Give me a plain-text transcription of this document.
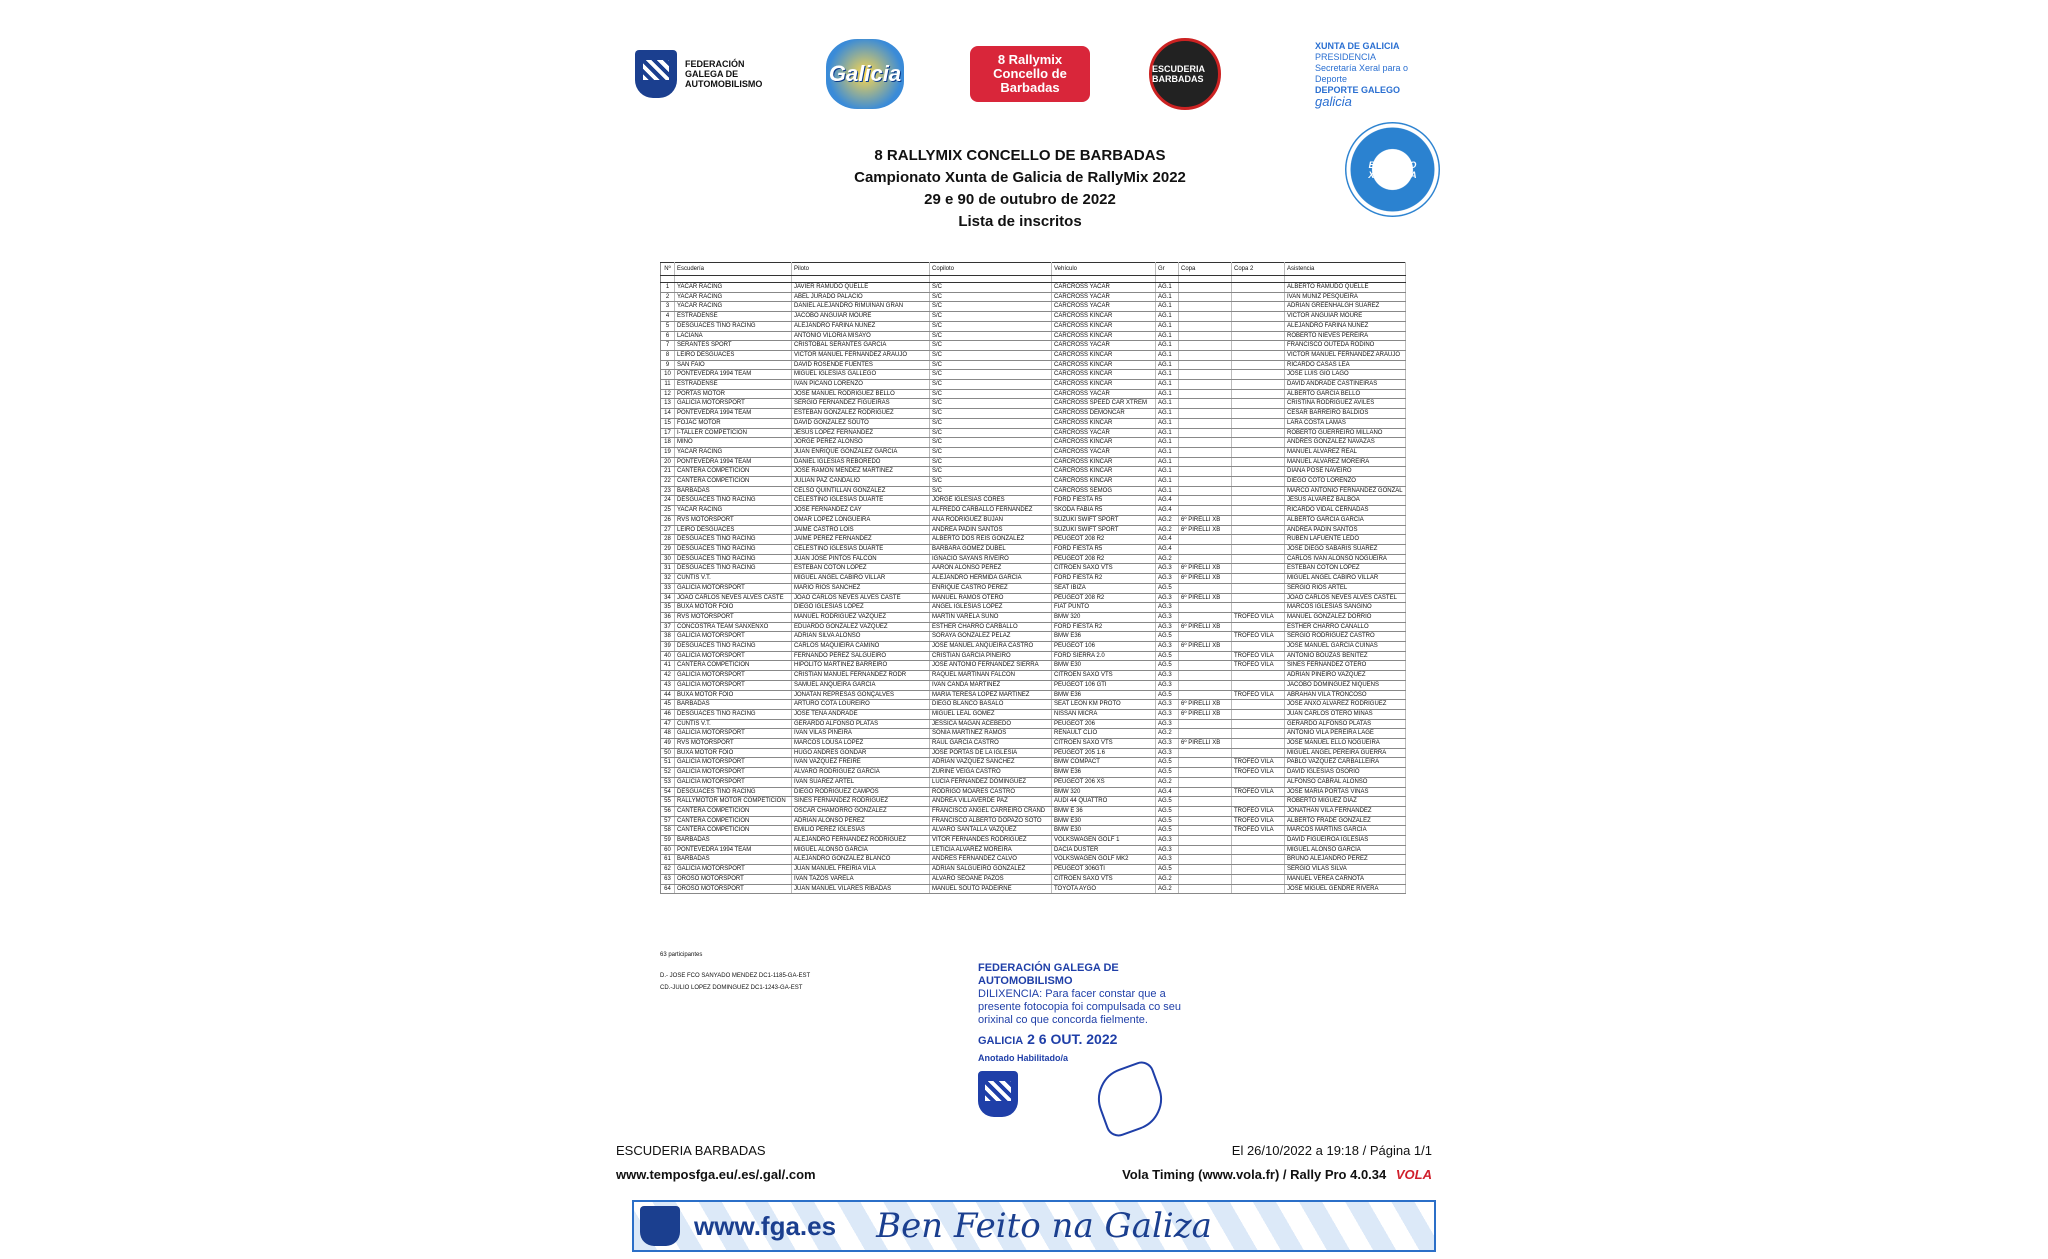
FEDERACIÓN GALEGA DE AUTOMOBILISMO	Galicia
8 Rallymix Concello de Barbadas
ESCUDERIA BARBADAS
XUNTA DE GALICIA
PRESIDENCIA
Secretaría Xeral para o Deporte
DEPORTE GALEGO
galicia
BEN FEITO XA GALIZA
8 RALLYMIX CONCELLO DE BARBADAS
Campionato Xunta de Galicia de RallyMix 2022
29 e 90 de outubro de 2022
Lista de inscritos
Nº	Escudería	Piloto	Copiloto	Vehículo	Gr	Copa	Copa 2	Asistencia

1	YACAR RACING	JAVIER RAMUDO QUELLE	S/C	CARCROSS YACAR	AG.1			ALBERTO RAMUDO QUELLE
2	YACAR RACING	ABEL JURADO PALACIO	S/C	CARCROSS YACAR	AG.1			IVAN MUÑIZ PESQUEIRA
3	YACAR RACING	DANIEL ALEJANDRO RIMUIÑAN GRAÑ	S/C	CARCROSS YACAR	AG.1			ADRIAN GREENHALGH SUAREZ
4	ESTRADENSE	JACOBO ANGUIAR MOURE	S/C	CARCROSS KINCAR	AG.1			VICTOR ANGUIAR MOURE
5	DESGUACES TINO RACING	ALEJANDRO FARIÑA NUÑEZ	S/C	CARCROSS KINCAR	AG.1			ALEJANDRO FARIÑA NUÑEZ
6	LACIANA	ANTONIO VILORIA MISAYO	S/C	CARCROSS KINCAR	AG.1			ROBERTO NIEVES PEREIRA
7	SERANTES SPORT	CRISTOBAL SERANTES GARCIA	S/C	CARCROSS YACAR	AG.1			FRANCISCO OUTEDA RODIÑO
8	LEIRO DESGUACES	VICTOR MANUEL FERNANDEZ ARAUJO	S/C	CARCROSS KINCAR	AG.1			VICTOR MANUEL FERNANDEZ ARAUJO
9	SAN FAIO	DAVID ROSENDE FUENTES	S/C	CARCROSS KINCAR	AG.1			RICARDO CASAS LEA
10	PONTEVEDRA 1994 TEAM	MIGUEL IGLESIAS GALLEGO	S/C	CARCROSS KINCAR	AG.1			JOSE LUIS GIO LAGO
11	ESTRADENSE	IVAN PICAÑO LORENZO	S/C	CARCROSS KINCAR	AG.1			DAVID ANDRADE CASTIÑEIRAS
12	PORTAS MOTOR	JOSE MANUEL RODRIGUEZ BELLO	S/C	CARCROSS YACAR	AG.1			ALBERTO GARCIA BELLO
13	GALICIA MOTORSPORT	SERGIO FERNANDEZ FIGUEIRAS	S/C	CARCROSS SPEED CAR XTREM	AG.1			CRISTINA RODRIGUEZ AVILES
14	PONTEVEDRA 1994 TEAM	ESTEBAN GONZALEZ RODRIGUEZ	S/C	CARCROSS DEMONCAR	AG.1			CESAR BARREIRO BALDIOS
15	FOJAC MOTOR	DAVID GONZALEZ SOUTO	S/C	CARCROSS KINCAR	AG.1			LARA COSTA LAMAS
17	I-TALLER COMPETICION	JESUS LOPEZ FERNANDEZ	S/C	CARCROSS YACAR	AG.1			ROBERTO GUERREIRO MILLANO
18	MIÑO	JORGE PEREZ ALONSO	S/C	CARCROSS KINCAR	AG.1			ANDRES GONZALEZ NAVAZAS
19	YACAR RACING	JUAN ENRIQUE GONZALEZ GARCIA	S/C	CARCROSS YACAR	AG.1			MANUEL ALVAREZ REAL
20	PONTEVEDRA 1994 TEAM	DANIEL IGLESIAS REBOREDO	S/C	CARCROSS KINCAR	AG.1			MANUEL ALVAREZ MOREIRA
21	CANTERA COMPETICION	JOSE RAMON MENDEZ MARTINEZ	S/C	CARCROSS KINCAR	AG.1			DIANA POSE NAVEIRO
22	CANTERA COMPETICION	JULIAN PAZ CANDALIO	S/C	CARCROSS KINCAR	AG.1			DIEGO COTO LORENZO
23	BARBADAS	CELSO QUINTILLAN GONZALEZ	S/C	CARCROSS SEMOG	AG.1			MARCO ANTONIO FERNANDEZ GONZAL
24	DESGUACES TINO RACING	CELESTINO IGLESIAS DUARTE	JORGE IGLESIAS CORES	FORD FIESTA R5	AG.4			JESUS ALVAREZ BALBOA
25	YACAR RACING	JOSE FERNANDEZ CAY	ALFREDO CARBALLO FERNANDEZ	SKODA FABIA R5	AG.4			RICARDO VIDAL CERNADAS
26	RVS MOTORSPORT	OMAR LOPEZ LONGUEIRA	ANA RODRIGUEZ BUJAN	SUZUKI SWIFT SPORT	AG.2	6º PIRELLI XB		ALBERTO GARCIA GARCIA
27	LEIRO DESGUACES	JAIME CASTRO LOIS	ANDREA PADIN SANTOS	SUZUKI SWIFT SPORT	AG.2	6º PIRELLI XB		ANDREA PADIN SANTOS
28	DESGUACES TINO RACING	JAIME PEREZ FERNANDEZ	ALBERTO DOS REIS GONZALEZ	PEUGEOT 208 R2	AG.4			RUBEN LAFUENTE LEDO
29	DESGUACES TINO RACING	CELESTINO IGLESIAS DUARTE	BARBARA GOMEZ DUBEL	FORD FIESTA R5	AG.4			JOSE DIEGO SABARIS SUAREZ
30	DESGUACES TINO RACING	JUAN JOSE PINTOS FALCON	IGNACIO SAYANS RIVEIRO	PEUGEOT 208 R2	AG.2			CARLOS IVAN ALONSO NOGUEIRA
31	DESGUACES TINO RACING	ESTEBAN COTON LOPEZ	AARON ALONSO PEREZ	CITROEN SAXO VTS	AG.3	6º PIRELLI XB		ESTEBAN COTON LOPEZ
32	CUNTIS V.T.	MIGUEL ANGEL CABIRO VILLAR	ALEJANDRO HERMIDA GARCIA	FORD FIESTA R2	AG.3	6º PIRELLI XB		MIGUEL ANGEL CABIRO VILLAR
33	GALICIA MOTORSPORT	MARIO RIOS SANCHEZ	ENRIQUE CASTRO PEREZ	SEAT IBIZA	AG.5			SERGIO RIOS ARTEL
34	JOAO CARLOS NEVES ALVES CASTE	JOAO CARLOS NEVES ALVES CASTE	MANUEL RAMOS OTERO	PEUGEOT 208 R2	AG.3	6º PIRELLI XB		JOAO CARLOS NEVES ALVES CASTEL
35	BUXA MOTOR FOIO	DIEGO IGLESIAS LOPEZ	ANGEL IGLESIAS LOPEZ	FIAT PUNTO	AG.3			MARCOS IGLESIAS SANGINO
36	RVS MOTORSPORT	MANUEL RODRIGUEZ VAZQUEZ	MARTIN VARELA SUÑO	BMW 320	AG.3		TROFEO VILA	MANUEL GONZALEZ DORRIO
37	CONCOSTRA TEAM SANXENXO	EDUARDO GONZALEZ VAZQUEZ	ESTHER CHARRO CARBALLO	FORD FIESTA R2	AG.3	6º PIRELLI XB		ESTHER CHARRO CANALLO
38	GALICIA MOTORSPORT	ADRIAN SILVA ALONSO	SORAYA GONZALEZ PELAZ	BMW E36	AG.5		TROFEO VILA	SERGIO RODRIGUEZ CASTRO
39	DESGUACES TINO RACING	CARLOS MAQUIEIRA CAMIÑO	JOSE MANUEL ANQUEIRA CASTRO	PEUGEOT 106	AG.3	6º PIRELLI XB		JOSE MANUEL GARCIA CUIÑAS
40	GALICIA MOTORSPORT	FERNANDO PEREZ SALGUEIRO	CRISTIAN GARCIA PIÑEIRO	FORD SIERRA 2.0	AG.5		TROFEO VILA	ANTONIO BOUZAS BENITEZ
41	CANTERA COMPETICION	HIPOLITO MARTINEZ BARREIRO	JOSE ANTONIO FERNANDEZ SIERRA	BMW E30	AG.5		TROFEO VILA	SINES FERNANDEZ OTERO
42	GALICIA MOTORSPORT	CRISTIAN MANUEL FERNANDEZ RODR	RAQUEL MARTIÑAN FALCON	CITROEN SAXO VTS	AG.3			ADRIAN PIÑEIRO VAZQUEZ
43	GALICIA MOTORSPORT	SAMUEL ANQUEIRA GARCIA	IVAN CANDA MARTINEZ	PEUGEOT 106 GTI	AG.3			JACOBO DOMINGUEZ NIQUENS
44	BUXA MOTOR FOIO	JONATAN REPRESAS GONÇALVES	MARIA TERESA LOPEZ MARTINEZ	BMW E36	AG.5		TROFEO VILA	ABRAHAN VILA TRONCOSO
45	BARBADAS	ARTURO COTA LOUREIRO	DIEGO BLANCO BASALO	SEAT LEON KM PROTO	AG.3	6º PIRELLI XB		JOSE ANXO ALVAREZ RODRIGUEZ
46	DESGUACES TINO RACING	JOSE TENA ANDRADE	MIGUEL LEAL GOMEZ	NISSAN MICRA	AG.3	6º PIRELLI XB		JUAN CARLOS OTERO MIÑAS
47	CUNTIS V.T.	GERARDO ALFONSO PLATAS	JESSICA MAGAN ACEBEDO	PEUGEOT 206	AG.3			GERARDO ALFONSO PLATAS
48	GALICIA MOTORSPORT	IVAN VILAS PIÑEIRA	SONIA MARTINEZ RAMOS	RENAULT CLIO	AG.2			ANTONIO VILA PEREIRA LAGE
49	RVS MOTORSPORT	MARCOS LOUSA LOPEZ	RAUL GARCIA CASTRO	CITROEN SAXO VTS	AG.3	6º PIRELLI XB		JOSE MANUEL ELLO NOGUEIRA
50	BUXA MOTOR FOIO	HUGO ANDRES GONDAR	JOSE PORTAS DE LA IGLESIA	PEUGEOT 205 1.6	AG.3			MIGUEL ANGEL PEREIRA GUERRA
51	GALICIA MOTORSPORT	IVAN VAZQUEZ FREIRE	ADRIAN VAZQUEZ SANCHEZ	BMW COMPACT	AG.5		TROFEO VILA	PABLO VAZQUEZ CARBALLEIRA
52	GALICIA MOTORSPORT	ALVARO RODRIGUEZ GARCIA	ZURIÑE VEIGA CASTRO	BMW E36	AG.5		TROFEO VILA	DAVID IGLESIAS OSORIO
53	GALICIA MOTORSPORT	IVAN SUAREZ ARTEL	LUCIA FERNANDEZ DOMINGUEZ	PEUGEOT 206 XS	AG.2			ALFONSO CABRAL ALONSO
54	DESGUACES TINO RACING	DIEGO RODRIGUEZ CAMPOS	RODRIGO MOARES CASTRO	BMW 320	AG.4		TROFEO VILA	JOSE MARIA PORTAS VIÑAS
55	RALLYMOTOR MOTOR COMPETICION	SINES FERNANDEZ RODRIGUEZ	ANDREA VILLAVERDE PAZ	AUDI 44 QUATTRO	AG.5			ROBERTO MIGUEZ DIAZ
56	CANTERA COMPETICION	OSCAR CHAMORRO GONZALEZ	FRANCISCO ANGEL CARREIRO CRAND	BMW E 36	AG.5		TROFEO VILA	JONATHAN VILA FERNANDEZ
57	CANTERA COMPETICION	ADRIAN ALONSO PEREZ	FRANCISCO ALBERTO DOPAZO SOTO	BMW E30	AG.5		TROFEO VILA	ALBERTO FRADE GONZALEZ
58	CANTERA COMPETICION	EMILIO PEREZ IGLESIAS	ALVARO SANTALLA VAZQUEZ	BMW E30	AG.5		TROFEO VILA	MARCOS MARTINS GARCIA
59	BARBADAS	ALEJANDRO FERNANDEZ RODRIGUEZ	VITOR FERNANDES RODRIGUEZ	VOLKSWAGEN GOLF 1	AG.3			DAVID FIGUEIROA IGLESIAS
60	PONTEVEDRA 1994 TEAM	MIGUEL ALONSO GARCIA	LETICIA ALVAREZ MOREIRA	DACIA DUSTER	AG.3			MIGUEL ALONSO GARCIA
61	BARBADAS	ALEJANDRO GONZALEZ BLANCO	ANDRES FERNANDEZ CALVO	VOLKSWAGEN GOLF MK2	AG.3			BRUNO ALEJANDRO PEREZ
62	GALICIA MOTORSPORT	JUAN MANUEL FREIRIA VILA	ADRIAN SALGUEIRO GONZALEZ	PEUGEOT 306GTI	AG.5			SERGIO VILAS SILVA
63	OROSO MOTORSPORT	IVAN TAZOS VARELA	ALVARO SEOANE PAZOS	CITROEN SAXO VTS	AG.2			MANUEL VEREA CARNOTA
64	OROSO MOTORSPORT	JUAN MANUEL VILARES RIBADAS	MANUEL SOUTO PADEIRNE	TOYOTA AYGO	AG.2			JOSE MIGUEL GENDRE RIVERA
63 participantes
D.- JOSE FCO SANYADO MENDEZ DC1-1185-GA-EST
CD.-JULIO LOPEZ DOMINGUEZ DC1-1243-GA-EST
FEDERACIÓN GALEGA DE AUTOMOBILISMO
DILIXENCIA: Para facer constar que a presente fotocopia foi compulsada co seu orixinal co que concorda fielmente.
GALICIA 2 6 OUT. 2022
Anotado Habilitado/a
ESCUDERIA BARBADAS	El 26/10/2022 a 19:18 / Página 1/1
www.temposfga.eu/.es/.gal/.com	Vola Timing (www.vola.fr) / Rally Pro 4.0.34 VOLA
www.fga.es Ben Feito na Galiza
